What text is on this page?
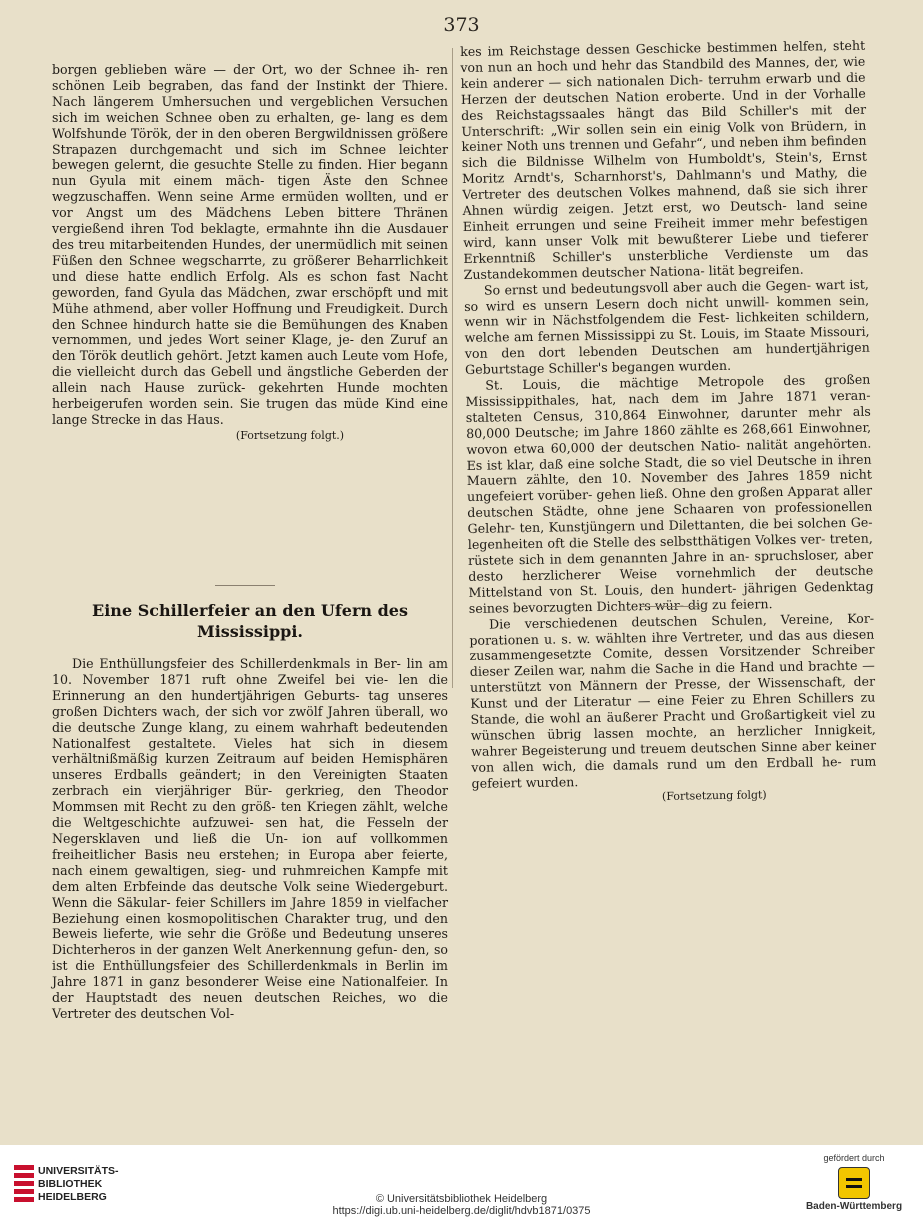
373

borgen geblieben wäre — der Ort, wo der Schnee ih- ren schönen Leib begraben, das fand der Instinkt der Thiere. Nach längerem Umhersuchen und vergeblichen Versuchen sich im weichen Schnee oben zu erhalten, ge- lang es dem Wolfshunde Török, der in den oberen Bergwildnissen größere Strapazen durchgemacht und sich im Schnee leichter bewegen gelernt, die gesuchte Stelle zu finden. Hier begann nun Gyula mit einem mäch- tigen Äste den Schnee wegzuschaffen. Wenn seine Arme ermüden wollten, und er vor Angst um des Mädchens Leben bittere Thränen vergießend ihren Tod beklagte, ermahnte ihn die Ausdauer des treu mitarbeitenden Hundes, der unermüdlich mit seinen Füßen den Schnee wegscharrte, zu größerer Beharrlichkeit und diese hatte endlich Erfolg. Als es schon fast Nacht geworden, fand Gyula das Mädchen, zwar erschöpft und mit Mühe athmend, aber voller Hoffnung und Freudigkeit. Durch den Schnee hindurch hatte sie die Bemühungen des Knaben vernommen, und jedes Wort seiner Klage, je- den Zuruf an den Török deutlich gehört. Jetzt kamen auch Leute vom Hofe, die vielleicht durch das Gebell und ängstliche Geberden der allein nach Hause zurück- gekehrten Hunde mochten herbeigerufen worden sein. Sie trugen das müde Kind eine lange Strecke in das Haus.

(Fortsetzung folgt.)

Eine Schillerfeier an den Ufern des
Mississippi.

Die Enthüllungsfeier des Schillerdenkmals in Ber- lin am 10. November 1871 ruft ohne Zweifel bei vie- len die Erinnerung an den hundertjährigen Geburts- tag unseres großen Dichters wach, der sich vor zwölf Jahren überall, wo die deutsche Zunge klang, zu einem wahrhaft bedeutenden Nationalfest gestaltete. Vieles hat sich in diesem verhältnißmäßig kurzen Zeitraum auf beiden Hemisphären unseres Erdballs geändert; in den Vereinigten Staaten zerbrach ein vierjähriger Bür- gerkrieg, den Theodor Mommsen mit Recht zu den größ- ten Kriegen zählt, welche die Weltgeschichte aufzuwei- sen hat, die Fesseln der Negersklaven und ließ die Un- ion auf vollkommen freiheitlicher Basis neu erstehen; in Europa aber feierte, nach einem gewaltigen, sieg- und ruhmreichen Kampfe mit dem alten Erbfeinde das deutsche Volk seine Wiedergeburt. Wenn die Säkular- feier Schillers im Jahre 1859 in vielfacher Beziehung einen kosmopolitischen Charakter trug, und den Beweis lieferte, wie sehr die Größe und Bedeutung unseres Dichterheros in der ganzen Welt Anerkennung gefun- den, so ist die Enthüllungsfeier des Schillerdenkmals in Berlin im Jahre 1871 in ganz besonderer Weise eine Nationalfeier. In der Hauptstadt des neuen deutschen Reiches, wo die Vertreter des deutschen Vol-

kes im Reichstage dessen Geschicke bestimmen helfen, steht von nun an hoch und hehr das Standbild des Mannes, der, wie kein anderer — sich nationalen Dich- terruhm erwarb und die Herzen der deutschen Nation eroberte. Und in der Vorhalle des Reichstagssaales hängt das Bild Schiller's mit der Unterschrift: „Wir sollen sein ein einig Volk von Brüdern, in keiner Noth uns trennen und Gefahr“, und neben ihm befinden sich die Bildnisse Wilhelm von Humboldt's, Stein's, Ernst Moritz Arndt's, Scharnhorst's, Dahlmann's und Mathy, die Vertreter des deutschen Volkes mahnend, daß sie sich ihrer Ahnen würdig zeigen. Jetzt erst, wo Deutsch- land seine Einheit errungen und seine Freiheit immer mehr befestigen wird, kann unser Volk mit bewußterer Liebe und tieferer Erkenntniß Schiller's unsterbliche Verdienste um das Zustandekommen deutscher Nationa- lität begreifen.

So ernst und bedeutungsvoll aber auch die Gegen- wart ist, so wird es unsern Lesern doch nicht unwill- kommen sein, wenn wir in Nächstfolgendem die Fest- lichkeiten schildern, welche am fernen Mississippi zu St. Louis, im Staate Missouri, von den dort lebenden Deutschen am hundertjährigen Geburtstage Schiller's begangen wurden.

St. Louis, die mächtige Metropole des großen Mississippithales, hat, nach dem im Jahre 1871 veran- stalteten Census, 310,864 Einwohner, darunter mehr als 80,000 Deutsche; im Jahre 1860 zählte es 268,661 Einwohner, wovon etwa 60,000 der deutschen Natio- nalität angehörten. Es ist klar, daß eine solche Stadt, die so viel Deutsche in ihren Mauern zählte, den 10. November des Jahres 1859 nicht ungefeiert vorüber- gehen ließ. Ohne den großen Apparat aller deutschen Städte, ohne jene Schaaren von professionellen Gelehr- ten, Kunstjüngern und Dilettanten, die bei solchen Ge- legenheiten oft die Stelle des selbstthätigen Volkes ver- treten, rüstete sich in dem genannten Jahre in an- spruchsloser, aber desto herzlicherer Weise vornehmlich der deutsche Mittelstand von St. Louis, den hundert- jährigen Gedenktag seines bevorzugten Dichters wür- dig zu feiern.

Die verschiedenen deutschen Schulen, Vereine, Kor- porationen u. s. w. wählten ihre Vertreter, und das aus diesen zusammengesetzte Comite, dessen Vorsitzender Schreiber dieser Zeilen war, nahm die Sache in die Hand und brachte — unterstützt von Männern der Presse, der Wissenschaft, der Kunst und der Literatur — eine Feier zu Ehren Schillers zu Stande, die wohl an äußerer Pracht und Großartigkeit viel zu wünschen übrig lassen mochte, an herzlicher Innigkeit, wahrer Begeisterung und treuem deutschen Sinne aber keiner von allen wich, die damals rund um den Erdball he- rum gefeiert wurden.

(Fortsetzung folgt)

UNIVERSITÄTS-
BIBLIOTHEK
HEIDELBERG	© Universitätsbibliothek Heidelberg
https://digi.ub.uni-heidelberg.de/diglit/hdvb1871/0375
gefördert durch
Baden-Württemberg
